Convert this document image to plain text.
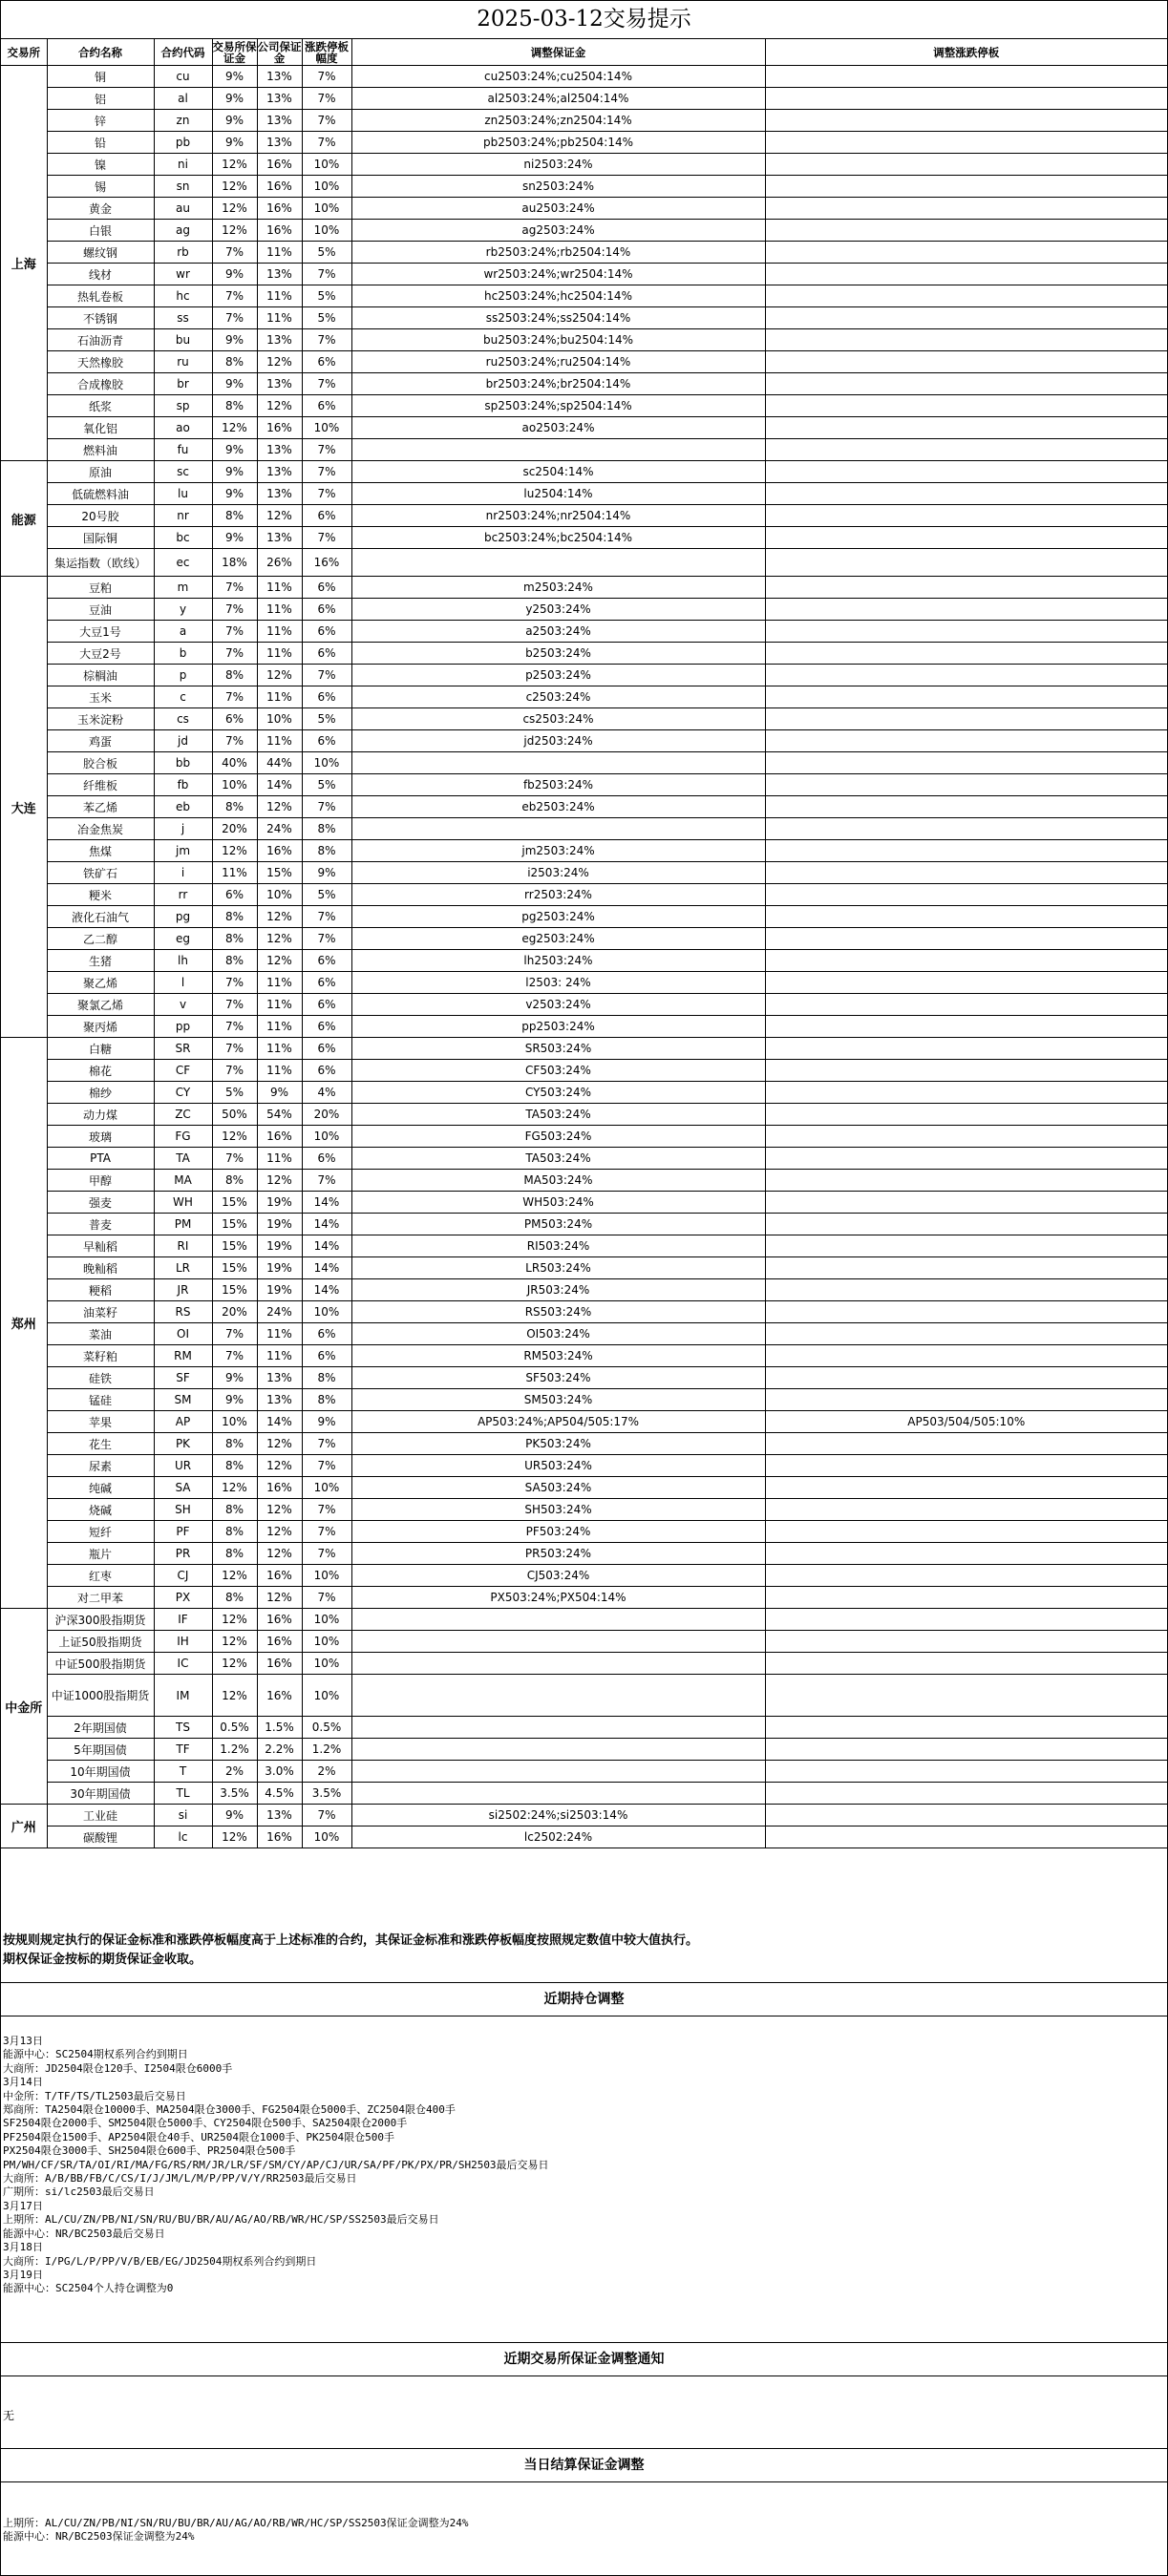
2025-03-12交易提示
交易所	合约名称	合约代码	交易所保证金	公司保证金	涨跌停板幅度	调整保证金	调整涨跌停板
上海	铜	cu	9%	13%	7%	cu2503:24%;cu2504:14%	
	铝	al	9%	13%	7%	al2503:24%;al2504:14%	
	锌	zn	9%	13%	7%	zn2503:24%;zn2504:14%	
	铅	pb	9%	13%	7%	pb2503:24%;pb2504:14%	
	镍	ni	12%	16%	10%	ni2503:24%	
	锡	sn	12%	16%	10%	sn2503:24%	
	黄金	au	12%	16%	10%	au2503:24%	
	白银	ag	12%	16%	10%	ag2503:24%	
	螺纹钢	rb	7%	11%	5%	rb2503:24%;rb2504:14%	
	线材	wr	9%	13%	7%	wr2503:24%;wr2504:14%	
	热轧卷板	hc	7%	11%	5%	hc2503:24%;hc2504:14%	
	不锈钢	ss	7%	11%	5%	ss2503:24%;ss2504:14%	
	石油沥青	bu	9%	13%	7%	bu2503:24%;bu2504:14%	
	天然橡胶	ru	8%	12%	6%	ru2503:24%;ru2504:14%	
	合成橡胶	br	9%	13%	7%	br2503:24%;br2504:14%	
	纸浆	sp	8%	12%	6%	sp2503:24%;sp2504:14%	
	氧化铝	ao	12%	16%	10%	ao2503:24%	
	燃料油	fu	9%	13%	7%		
能源	原油	sc	9%	13%	7%	sc2504:14%	
	低硫燃料油	lu	9%	13%	7%	lu2504:14%	
	20号胶	nr	8%	12%	6%	nr2503:24%;nr2504:14%	
	国际铜	bc	9%	13%	7%	bc2503:24%;bc2504:14%	
	集运指数（欧线）	ec	18%	26%	16%		
大连	豆粕	m	7%	11%	6%	m2503:24%	
	豆油	y	7%	11%	6%	y2503:24%	
	大豆1号	a	7%	11%	6%	a2503:24%	
	大豆2号	b	7%	11%	6%	b2503:24%	
	棕榈油	p	8%	12%	7%	p2503:24%	
	玉米	c	7%	11%	6%	c2503:24%	
	玉米淀粉	cs	6%	10%	5%	cs2503:24%	
	鸡蛋	jd	7%	11%	6%	jd2503:24%	
	胶合板	bb	40%	44%	10%		
	纤维板	fb	10%	14%	5%	fb2503:24%	
	苯乙烯	eb	8%	12%	7%	eb2503:24%	
	冶金焦炭	j	20%	24%	8%		
	焦煤	jm	12%	16%	8%	jm2503:24%	
	铁矿石	i	11%	15%	9%	i2503:24%	
	粳米	rr	6%	10%	5%	rr2503:24%	
	液化石油气	pg	8%	12%	7%	pg2503:24%	
	乙二醇	eg	8%	12%	7%	eg2503:24%	
	生猪	lh	8%	12%	6%	lh2503:24%	
	聚乙烯	l	7%	11%	6%	l2503: 24%	
	聚氯乙烯	v	7%	11%	6%	v2503:24%	
	聚丙烯	pp	7%	11%	6%	pp2503:24%	
郑州	白糖	SR	7%	11%	6%	SR503:24%	
	棉花	CF	7%	11%	6%	CF503:24%	
	棉纱	CY	5%	9%	4%	CY503:24%	
	动力煤	ZC	50%	54%	20%	TA503:24%	
	玻璃	FG	12%	16%	10%	FG503:24%	
	PTA	TA	7%	11%	6%	TA503:24%	
	甲醇	MA	8%	12%	7%	MA503:24%	
	强麦	WH	15%	19%	14%	WH503:24%	
	普麦	PM	15%	19%	14%	PM503:24%	
	早籼稻	RI	15%	19%	14%	RI503:24%	
	晚籼稻	LR	15%	19%	14%	LR503:24%	
	粳稻	JR	15%	19%	14%	JR503:24%	
	油菜籽	RS	20%	24%	10%	RS503:24%	
	菜油	OI	7%	11%	6%	OI503:24%	
	菜籽粕	RM	7%	11%	6%	RM503:24%	
	硅铁	SF	9%	13%	8%	SF503:24%	
	锰硅	SM	9%	13%	8%	SM503:24%	
	苹果	AP	10%	14%	9%	AP503:24%;AP504/505:17%	AP503/504/505:10%
	花生	PK	8%	12%	7%	PK503:24%	
	尿素	UR	8%	12%	7%	UR503:24%	
	纯碱	SA	12%	16%	10%	SA503:24%	
	烧碱	SH	8%	12%	7%	SH503:24%	
	短纤	PF	8%	12%	7%	PF503:24%	
	瓶片	PR	8%	12%	7%	PR503:24%	
	红枣	CJ	12%	16%	10%	CJ503:24%	
	对二甲苯	PX	8%	12%	7%	PX503:24%;PX504:14%	
中金所	沪深300股指期货	IF	12%	16%	10%		
	上证50股指期货	IH	12%	16%	10%		
	中证500股指期货	IC	12%	16%	10%		
	中证1000股指期货	IM	12%	16%	10%		
	2年期国债	TS	0.5%	1.5%	0.5%		
	5年期国债	TF	1.2%	2.2%	1.2%		
	10年期国债	T	2%	3.0%	2%		
	30年期国债	TL	3.5%	4.5%	3.5%		
广州	工业硅	si	9%	13%	7%	si2502:24%;si2503:14%	
	碳酸锂	lc	12%	16%	10%	lc2502:24%	
按规则规定执行的保证金标准和涨跌停板幅度高于上述标准的合约，其保证金标准和涨跌停板幅度按照规定数值中较大值执行。
期权保证金按标的期货保证金收取。
近期持仓调整
3月13日
能源中心：SC2504期权系列合约到期日
大商所：JD2504限仓120手、I2504限仓6000手
3月14日
中金所：T/TF/TS/TL2503最后交易日
郑商所：TA2504限仓10000手、MA2504限仓3000手、FG2504限仓5000手、ZC2504限仓400手
SF2504限仓2000手、SM2504限仓5000手、CY2504限仓500手、SA2504限仓2000手
PF2504限仓1500手、AP2504限仓40手、UR2504限仓1000手、PK2504限仓500手
PX2504限仓3000手、SH2504限仓600手、PR2504限仓500手
PM/WH/CF/SR/TA/OI/RI/MA/FG/RS/RM/JR/LR/SF/SM/CY/AP/CJ/UR/SA/PF/PK/PX/PR/SH2503最后交易日
大商所：A/B/BB/FB/C/CS/I/J/JM/L/M/P/PP/V/Y/RR2503最后交易日
广期所：si/lc2503最后交易日
3月17日
上期所：AL/CU/ZN/PB/NI/SN/RU/BU/BR/AU/AG/AO/RB/WR/HC/SP/SS2503最后交易日
能源中心：NR/BC2503最后交易日
3月18日
大商所：I/PG/L/P/PP/V/B/EB/EG/JD2504期权系列合约到期日
3月19日
能源中心：SC2504个人持仓调整为0
近期交易所保证金调整通知
无
当日结算保证金调整
上期所：AL/CU/ZN/PB/NI/SN/RU/BU/BR/AU/AG/AO/RB/WR/HC/SP/SS2503保证金调整为24%
能源中心：NR/BC2503保证金调整为24%
